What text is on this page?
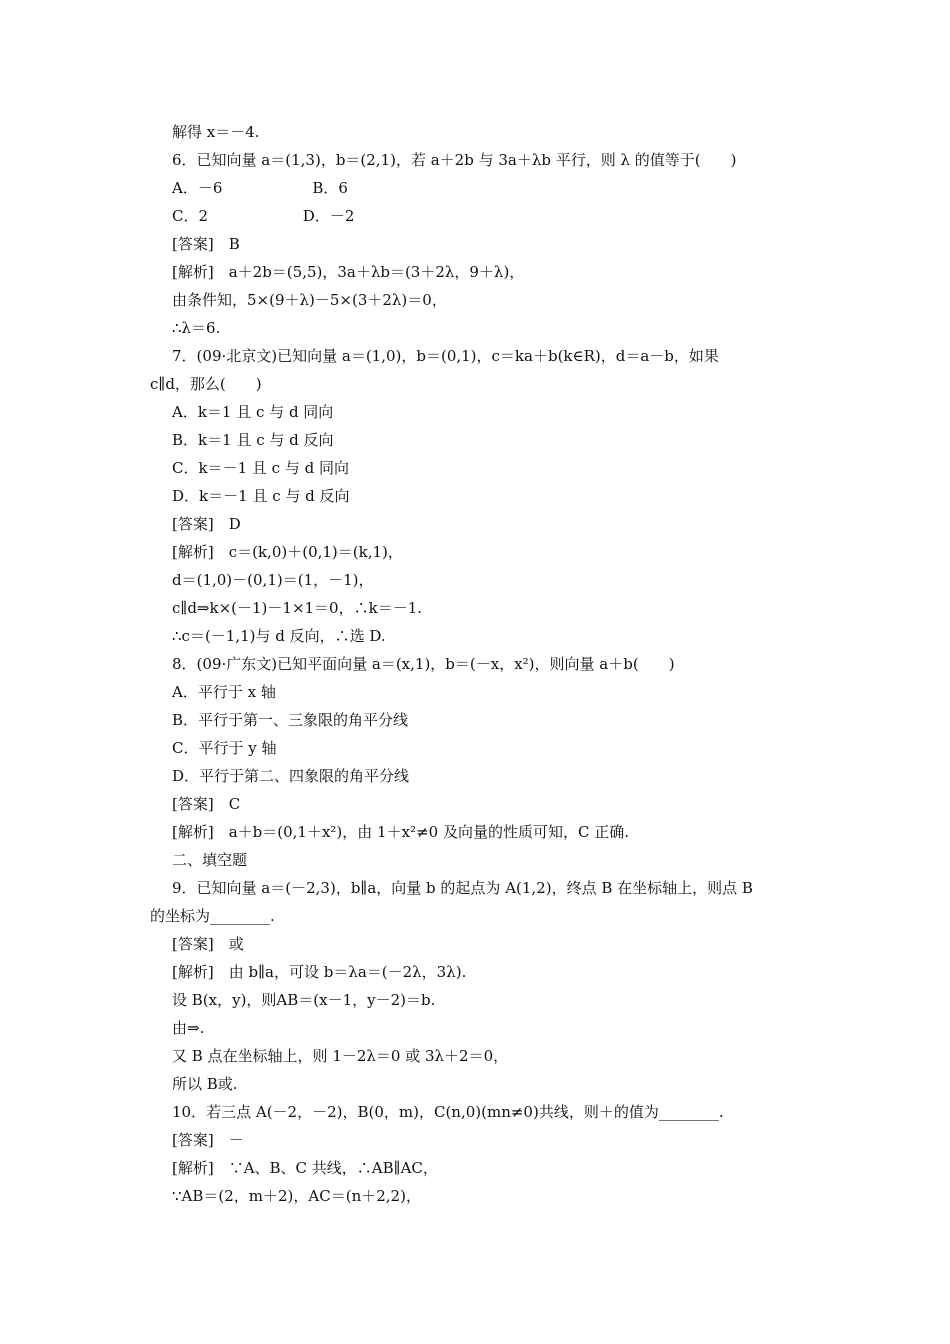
解得 x＝－4.
6．已知向量 a＝(1,3)，b＝(2,1)，若 a＋2b 与 3a＋λb 平行，则 λ 的值等于(　　)
A．－6　　　　　　B．6
C．2　　　　　　 D．－2
[答案]　B
[解析]　a＋2b＝(5,5)，3a＋λb＝(3＋2λ，9＋λ)，
由条件知，5×(9＋λ)－5×(3＋2λ)＝0，
∴λ＝6.
7．(09·北京文)已知向量 a＝(1,0)，b＝(0,1)，c＝ka＋b(k∈R)，d＝a－b，如果
c∥d，那么(　　)
A．k＝1 且 c 与 d 同向
B．k＝1 且 c 与 d 反向
C．k＝－1 且 c 与 d 同向
D．k＝－1 且 c 与 d 反向
[答案]　D
[解析]　c＝(k,0)＋(0,1)＝(k,1)，
d＝(1,0)－(0,1)＝(1，－1)，
c∥d⇒k×(－1)－1×1＝0，∴k＝－1.
∴c＝(－1,1)与 d 反向，∴选 D.
8．(09·广东文)已知平面向量 a＝(x,1)，b＝(－x，x²)，则向量 a＋b(　　)
A．平行于 x 轴
B．平行于第一、三象限的角平分线
C．平行于 y 轴
D．平行于第二、四象限的角平分线
[答案]　C
[解析]　a＋b＝(0,1＋x²)，由 1＋x²≠0 及向量的性质可知，C 正确.
二、填空题
9．已知向量 a＝(－2,3)，b∥a，向量 b 的起点为 A(1,2)，终点 B 在坐标轴上，则点 B
的坐标为________.
[答案]　或
[解析]　由 b∥a，可设 b＝λa＝(－2λ，3λ).
设 B(x，y)，则AB＝(x－1，y－2)＝b.
由⇒.
又 B 点在坐标轴上，则 1－2λ＝0 或 3λ＋2＝0，
所以 B或.
10．若三点 A(－2，－2)，B(0，m)，C(n,0)(mn≠0)共线，则＋的值为________.
[答案]　－
[解析]　∵A、B、C 共线，∴AB∥AC，
∵AB＝(2，m＋2)，AC＝(n＋2,2)，
